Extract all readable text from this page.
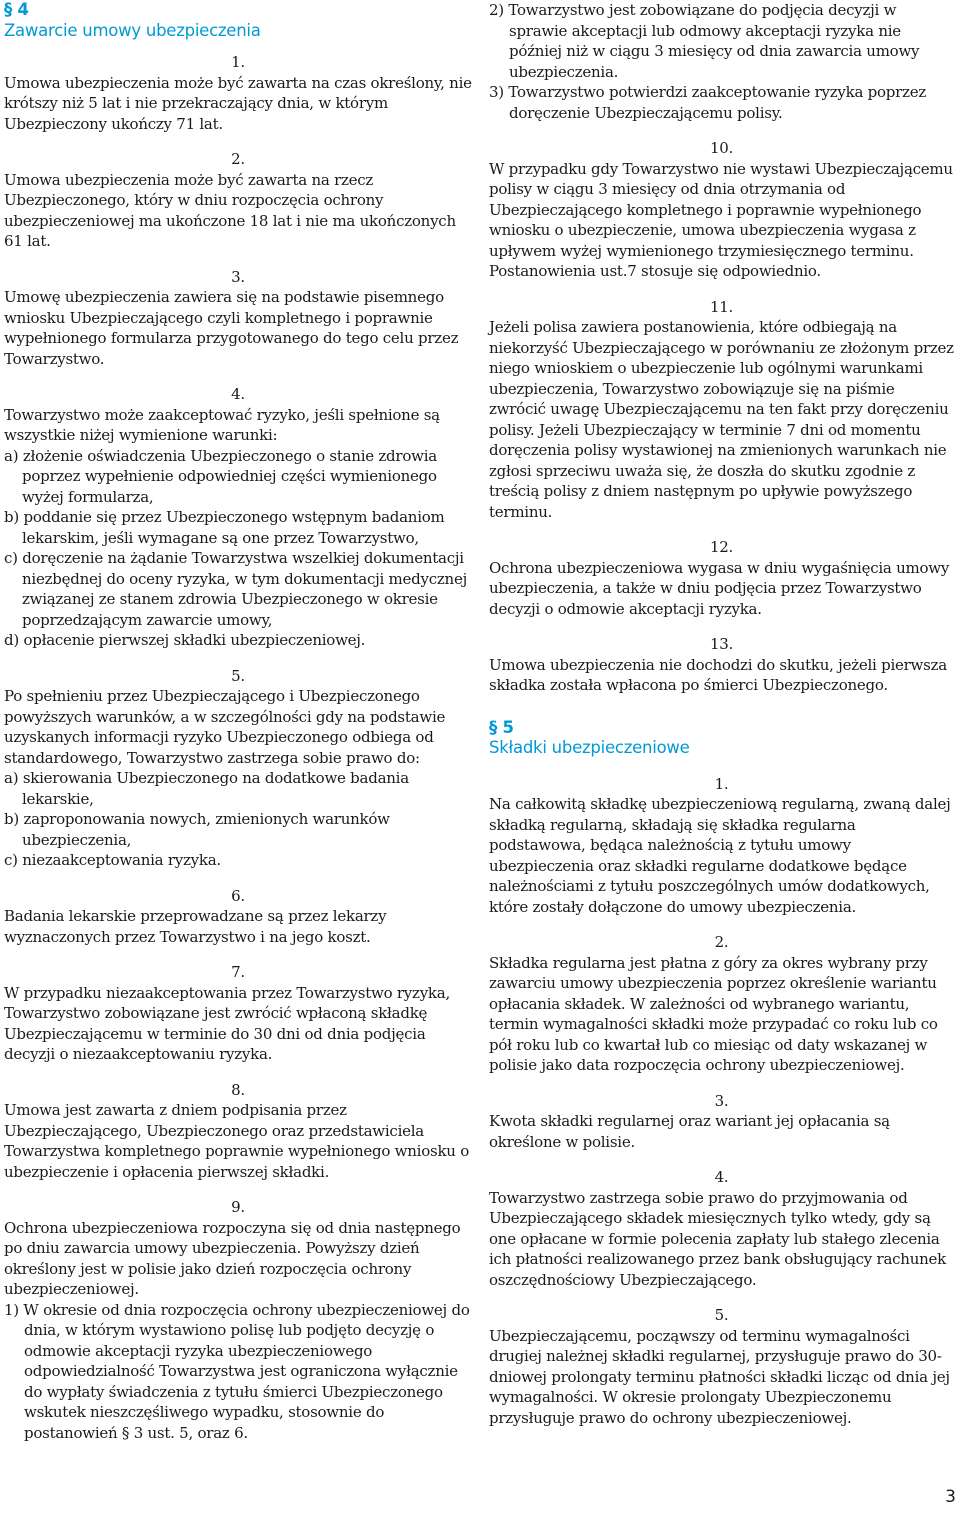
§ 4
Zawarcie umowy ubezpieczenia
1.

Umowa ubezpieczenia może być zawarta na czas określony, nie krótszy niż 5 lat i nie przekraczający dnia, w którym Ubezpieczony ukończy 71 lat.

2.

Umowa ubezpieczenia może być zawarta na rzecz Ubezpieczonego, który w dniu rozpoczęcia ochrony ubezpieczeniowej ma ukończone 18 lat i nie ma ukończonych 61 lat.

3.

Umowę ubezpieczenia zawiera się na podstawie pisemnego wniosku Ubezpieczającego czyli kompletnego i poprawnie wypełnionego formularza przygotowanego do tego celu przez Towarzystwo.

4.

Towarzystwo może zaakceptować ryzyko, jeśli spełnione są wszystkie niżej wymienione warunki:

a) złożenie oświadczenia Ubezpieczonego o stanie zdrowia poprzez wypełnienie odpowiedniej części wymienionego wyżej formularza,

b) poddanie się przez Ubezpieczonego wstępnym badaniom lekarskim, jeśli wymagane są one przez Towarzystwo,

c) doręczenie na żądanie Towarzystwa wszelkiej dokumentacji niezbędnej do oceny ryzyka, w tym dokumentacji medycznej związanej ze stanem zdrowia Ubezpieczonego w okresie poprzedzającym zawarcie umowy,

d) opłacenie pierwszej składki ubezpieczeniowej.

5.

Po spełnieniu przez Ubezpieczającego i Ubezpieczonego powyższych warunków, a w szczególności gdy na podstawie uzyskanych informacji ryzyko Ubezpieczonego odbiega od standardowego, Towarzystwo zastrzega sobie prawo do:

a) skierowania Ubezpieczonego na dodatkowe badania lekarskie,

b) zaproponowania nowych, zmienionych warunków ubezpieczenia,

c) niezaakceptowania ryzyka.

6.

Badania lekarskie przeprowadzane są przez lekarzy wyznaczonych przez Towarzystwo i na jego koszt.

7.

W przypadku niezaakceptowania przez Towarzystwo ryzyka, Towarzystwo zobowiązane jest zwrócić wpłaconą składkę Ubezpieczającemu w terminie do 30 dni od dnia podjęcia decyzji o niezaakceptowaniu ryzyka.

8.

Umowa jest zawarta z dniem podpisania przez Ubezpieczającego, Ubezpieczonego oraz przedstawiciela Towarzystwa kompletnego poprawnie wypełnionego wniosku o ubezpieczenie i opłacenia pierwszej składki.

9.

Ochrona ubezpieczeniowa rozpoczyna się od dnia następnego po dniu zawarcia umowy ubezpieczenia. Powyższy dzień określony jest w polisie jako dzień rozpoczęcia ochrony ubezpieczeniowej.

1) W okresie od dnia rozpoczęcia ochrony ubezpieczeniowej do dnia, w którym wystawiono polisę lub podjęto decyzję o odmowie akceptacji ryzyka ubezpieczeniowego odpowiedzialność Towarzystwa jest ograniczona wyłącznie do wypłaty świadczenia z tytułu śmierci Ubezpieczonego wskutek nieszczęśliwego wypadku, stosownie do postanowień § 3 ust. 5, oraz 6.

2) Towarzystwo jest zobowiązane do podjęcia decyzji w sprawie akceptacji lub odmowy akceptacji ryzyka nie później niż w ciągu 3 miesięcy od dnia zawarcia umowy ubezpieczenia.

3) Towarzystwo potwierdzi zaakceptowanie ryzyka poprzez doręczenie Ubezpieczającemu polisy.

10.

W przypadku gdy Towarzystwo nie wystawi Ubezpieczającemu polisy w ciągu 3 miesięcy od dnia otrzymania od Ubezpieczającego kompletnego i poprawnie wypełnionego wniosku o ubezpieczenie, umowa ubezpieczenia wygasa z upływem wyżej wymienionego trzymiesięcznego terminu. Postanowienia ust.7 stosuje się odpowiednio.

11.

Jeżeli polisa zawiera postanowienia, które odbiegają na niekorzyść Ubezpieczającego w porównaniu ze złożonym przez niego wnioskiem o ubezpieczenie lub ogólnymi warunkami ubezpieczenia, Towarzystwo zobowiązuje się na piśmie zwrócić uwagę Ubezpieczającemu na ten fakt przy doręczeniu polisy. Jeżeli Ubezpieczający w terminie 7 dni od momentu doręczenia polisy wystawionej na zmienionych warunkach nie zgłosi sprzeciwu uważa się, że doszła do skutku zgodnie z treścią polisy z dniem następnym po upływie powyższego terminu.

12.

Ochrona ubezpieczeniowa wygasa w dniu wygaśnięcia umowy ubezpieczenia, a także w dniu podjęcia przez Towarzystwo decyzji o odmowie akceptacji ryzyka.

13.

Umowa ubezpieczenia nie dochodzi do skutku, jeżeli pierwsza składka została wpłacona po śmierci Ubezpieczonego.

§ 5
Składki ubezpieczeniowe
1.

Na całkowitą składkę ubezpieczeniową regularną, zwaną dalej składką regularną, składają się składka regularna podstawowa, będąca należnością z tytułu umowy ubezpieczenia oraz składki regularne dodatkowe będące należnościami z tytułu poszczególnych umów dodatkowych, które zostały dołączone do umowy ubezpieczenia.

2.

Składka regularna jest płatna z góry za okres wybrany przy zawarciu umowy ubezpieczenia poprzez określenie wariantu opłacania składek. W zależności od wybranego wariantu, termin wymagalności składki może przypadać co roku lub co pół roku lub co kwartał lub co miesiąc od daty wskazanej w polisie jako data rozpoczęcia ochrony ubezpieczeniowej.

3.

Kwota składki regularnej oraz wariant jej opłacania są określone w polisie.

4.

Towarzystwo zastrzega sobie prawo do przyjmowania od Ubezpieczającego składek miesięcznych tylko wtedy, gdy są one opłacane w formie polecenia zapłaty lub stałego zlecenia ich płatności realizowanego przez bank obsługujący rachunek oszczędnościowy Ubezpieczającego.

5.

Ubezpieczającemu, począwszy od terminu wymagalności drugiej należnej składki regularnej, przysługuje prawo do 30-dniowej prolongaty terminu płatności składki licząc od dnia jej wymagalności. W okresie prolongaty Ubezpieczonemu przysługuje prawo do ochrony ubezpieczeniowej.

3
